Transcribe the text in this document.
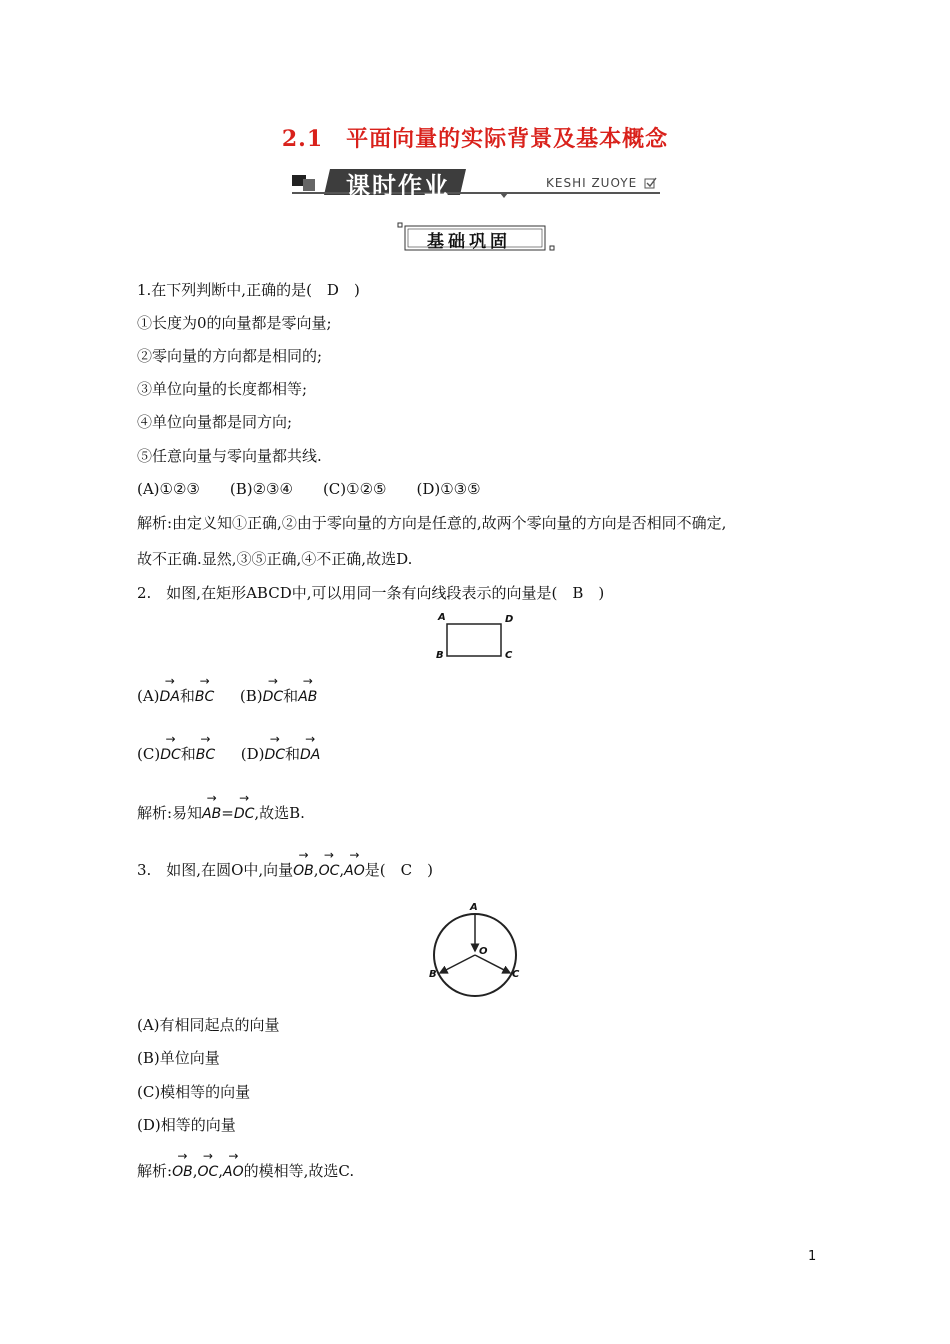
2.1　平面向量的实际背景及基本概念
课时作业	KESHI ZUOYE
基础巩固
1.在下列判断中,正确的是(　D　)
①长度为0的向量都是零向量;
②零向量的方向都是相同的;
③单位向量的长度都相等;
④单位向量都是同方向;
⑤任意向量与零向量都共线.
(A)①②③　　(B)②③④　　(C)①②⑤　　(D)①③⑤
解析:由定义知①正确,②由于零向量的方向是任意的,故两个零向量的方向是否相同不确定,
故不正确.显然,③⑤正确,④不正确,故选D.
2.　如图,在矩形ABCD中,可以用同一条有向线段表示的向量是(　B　)
A	D
B	C
(A)→ DA和→ BC (B)→ DC和→ AB
(C)→ DC和→ BC (D)→ DC和→ DA
解析:易知→ AB=→ DC,故选B.
3.　如图,在圆O中,向量→ OB,→ OC,→ AO是(　C　)
A
O
B	C
(A)有相同起点的向量
(B)单位向量
(C)模相等的向量
(D)相等的向量
解析:→ OB,→ OC,→ AO的模相等,故选C.
1
